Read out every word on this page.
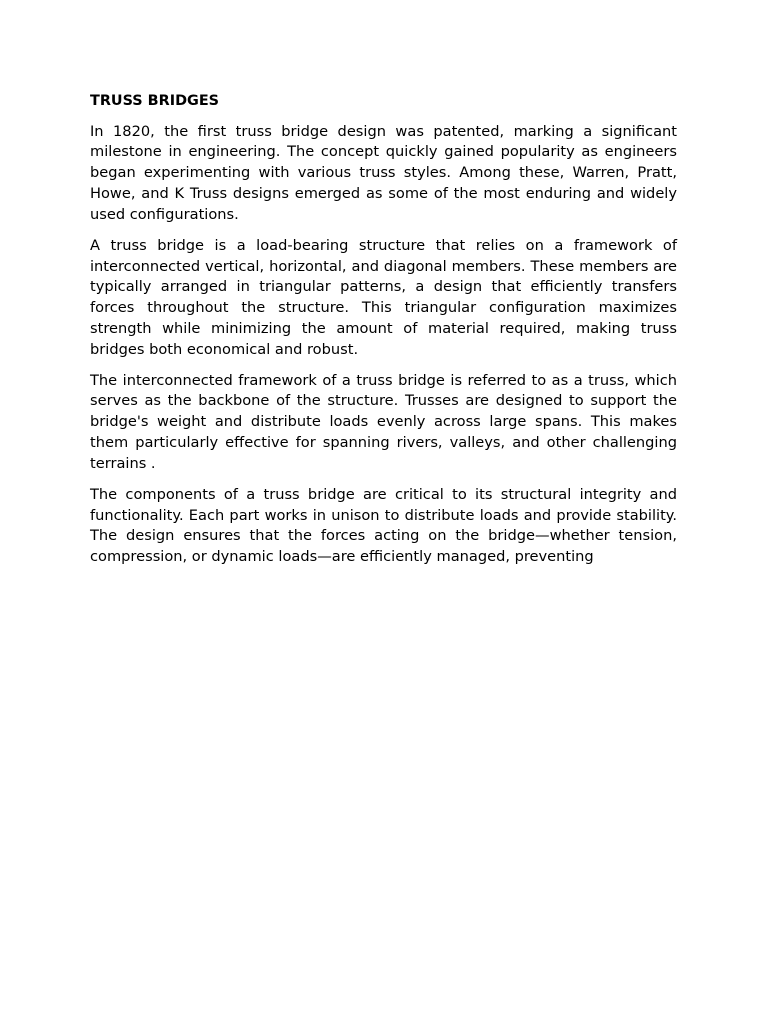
TRUSS BRIDGES

In 1820, the first truss bridge design was patented, marking a significant milestone in engineering. The concept quickly gained popularity as engineers began experimenting with various truss styles. Among these, Warren, Pratt, Howe, and K Truss designs emerged as some of the most enduring and widely used configurations.

A truss bridge is a load-bearing structure that relies on a framework of interconnected vertical, horizontal, and diagonal members. These members are typically arranged in triangular patterns, a design that efficiently transfers forces throughout the structure. This triangular configuration maximizes strength while minimizing the amount of material required, making truss bridges both economical and robust.

The interconnected framework of a truss bridge is referred to as a truss, which serves as the backbone of the structure. Trusses are designed to support the bridge's weight and distribute loads evenly across large spans. This makes them particularly effective for spanning rivers, valleys, and other challenging terrains .

The components of a truss bridge are critical to its structural integrity and functionality. Each part works in unison to distribute loads and provide stability. The design ensures that the forces acting on the bridge—whether tension, compression, or dynamic loads—are efficiently managed, preventing
